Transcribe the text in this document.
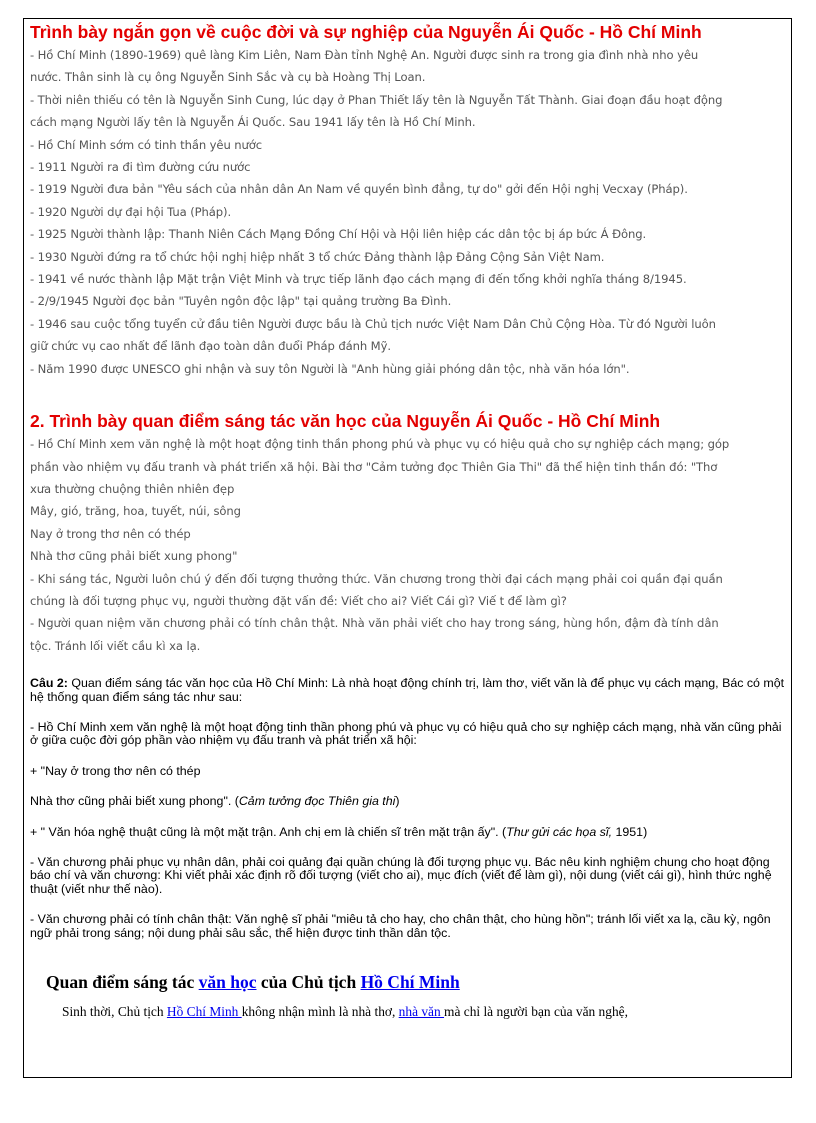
Trình bày ngắn gọn về cuộc đời và sự nghiệp của Nguyễn Ái Quốc - Hồ Chí Minh

- Hồ Chí Minh (1890-1969) quê làng Kim Liên, Nam Đàn tỉnh Nghệ An. Người được sinh ra trong gia đình nhà nho yêu

nước. Thân sinh là cụ ông Nguyễn Sinh Sắc và cụ bà Hoàng Thị Loan.

- Thời niên thiếu có tên là Nguyễn Sinh Cung, lúc dạy ở Phan Thiết lấy tên là Nguyễn Tất Thành. Giai đoạn đầu hoạt động

cách mạng Người lấy tên là Nguyễn Ái Quốc. Sau 1941 lấy tên là Hồ Chí Minh.

- Hồ Chí Minh sớm có tinh thần yêu nước

- 1911 Người ra đi tìm đường cứu nước

- 1919 Người đưa bản "Yêu sách của nhân dân An Nam về quyền bình đẳng, tự do" gởi đến Hội nghị Vecxay (Pháp).

- 1920 Người dự đại hội Tua (Pháp).

- 1925 Người thành lập: Thanh Niên Cách Mạng Đồng Chí Hội và Hội liên hiệp các dân tộc bị áp bức Á Đông.

- 1930 Người đứng ra tổ chức hội nghị hiệp nhất 3 tổ chức Đảng thành lập Đảng Cộng Sản Việt Nam.

- 1941 về nước thành lập Mặt trận Việt Minh và trực tiếp lãnh đạo cách mạng đi đến tổng khởi nghĩa tháng 8/1945.

- 2/9/1945 Người đọc bản "Tuyên ngôn độc lập" tại quảng trường Ba Đình.

- 1946 sau cuộc tổng tuyển cử đầu tiên Người được bầu là Chủ tịch nước Việt Nam Dân Chủ Cộng Hòa. Từ đó Người luôn

giữ chức vụ cao nhất để lãnh đạo toàn dân đuổi Pháp đánh Mỹ.

- Năm 1990 được UNESCO ghi nhận và suy tôn Người là "Anh hùng giải phóng dân tộc, nhà văn hóa lớn".

2. Trình bày quan điểm sáng tác văn học của Nguyễn Ái Quốc - Hồ Chí Minh

- Hồ Chí Minh xem văn nghệ là một hoạt động tinh thần phong phú và phục vụ có hiệu quả cho sự nghiệp cách mạng; góp

phần vào nhiệm vụ đấu tranh và phát triển xã hội. Bài thơ "Cảm tưởng đọc Thiên Gia Thi" đã thể hiện tinh thần đó: "Thơ

xưa thường chuộng thiên nhiên đẹp

Mây, gió, trăng, hoa, tuyết, núi, sông

Nay ở trong thơ nên có thép

Nhà thơ cũng phải biết xung phong"

- Khi sáng tác, Người luôn chú ý đến đối tượng thưởng thức. Văn chương trong thời đại cách mạng phải coi quần đại quần

chúng là đối tượng phục vụ, người thường đặt vấn đề: Viết cho ai? Viết Cái gì? Viế t để làm gì?

- Người quan niệm văn chương phải có tính chân thật. Nhà văn phải viết cho hay trong sáng, hùng hồn, đậm đà tính dân

tộc. Tránh lối viết cầu kì xa lạ.

Câu 2: Quan điểm sáng tác văn học của Hồ Chí Minh: Là nhà hoạt động chính trị, làm thơ, viết văn là để phục vụ cách mạng, Bác có một hệ thống quan điểm sáng tác như sau:

- Hồ Chí Minh xem văn nghệ là một hoạt động tinh thần phong phú và phục vụ có hiệu quả cho sự nghiệp cách mạng, nhà văn cũng phải ở giữa cuộc đời góp phần vào nhiệm vụ đấu tranh và phát triển xã hội:

+ "Nay ở trong thơ nên có thép

Nhà thơ cũng phải biết xung phong". (Cảm tưởng đọc Thiên gia thi)

+ " Văn hóa nghệ thuật cũng là một mặt trận. Anh chị em là chiến sĩ trên mặt trận ấy". (Thư gửi các họa sĩ, 1951)

- Văn chương phải phục vụ nhân dân, phải coi quảng đại quần chúng là đối tượng phục vụ. Bác nêu kinh nghiệm chung cho hoạt động báo chí và văn chương: Khi viết phải xác định rõ đối tượng (viết cho ai), mục đích (viết để làm gì), nội dung (viết cái gì), hình thức nghệ thuật (viết như thế nào).

- Văn chương phải có tính chân thật: Văn nghệ sĩ phải "miêu tả cho hay, cho chân thật, cho hùng hồn"; tránh lối viết xa lạ, cầu kỳ, ngôn ngữ phải trong sáng; nội dung phải sâu sắc, thể hiện được tinh thần dân tộc.

Quan điểm sáng tác văn học của Chủ tịch Hồ Chí Minh

Sinh thời, Chủ tịch Hồ Chí Minh không nhận mình là nhà thơ, nhà văn mà chỉ là người bạn của văn nghệ,
